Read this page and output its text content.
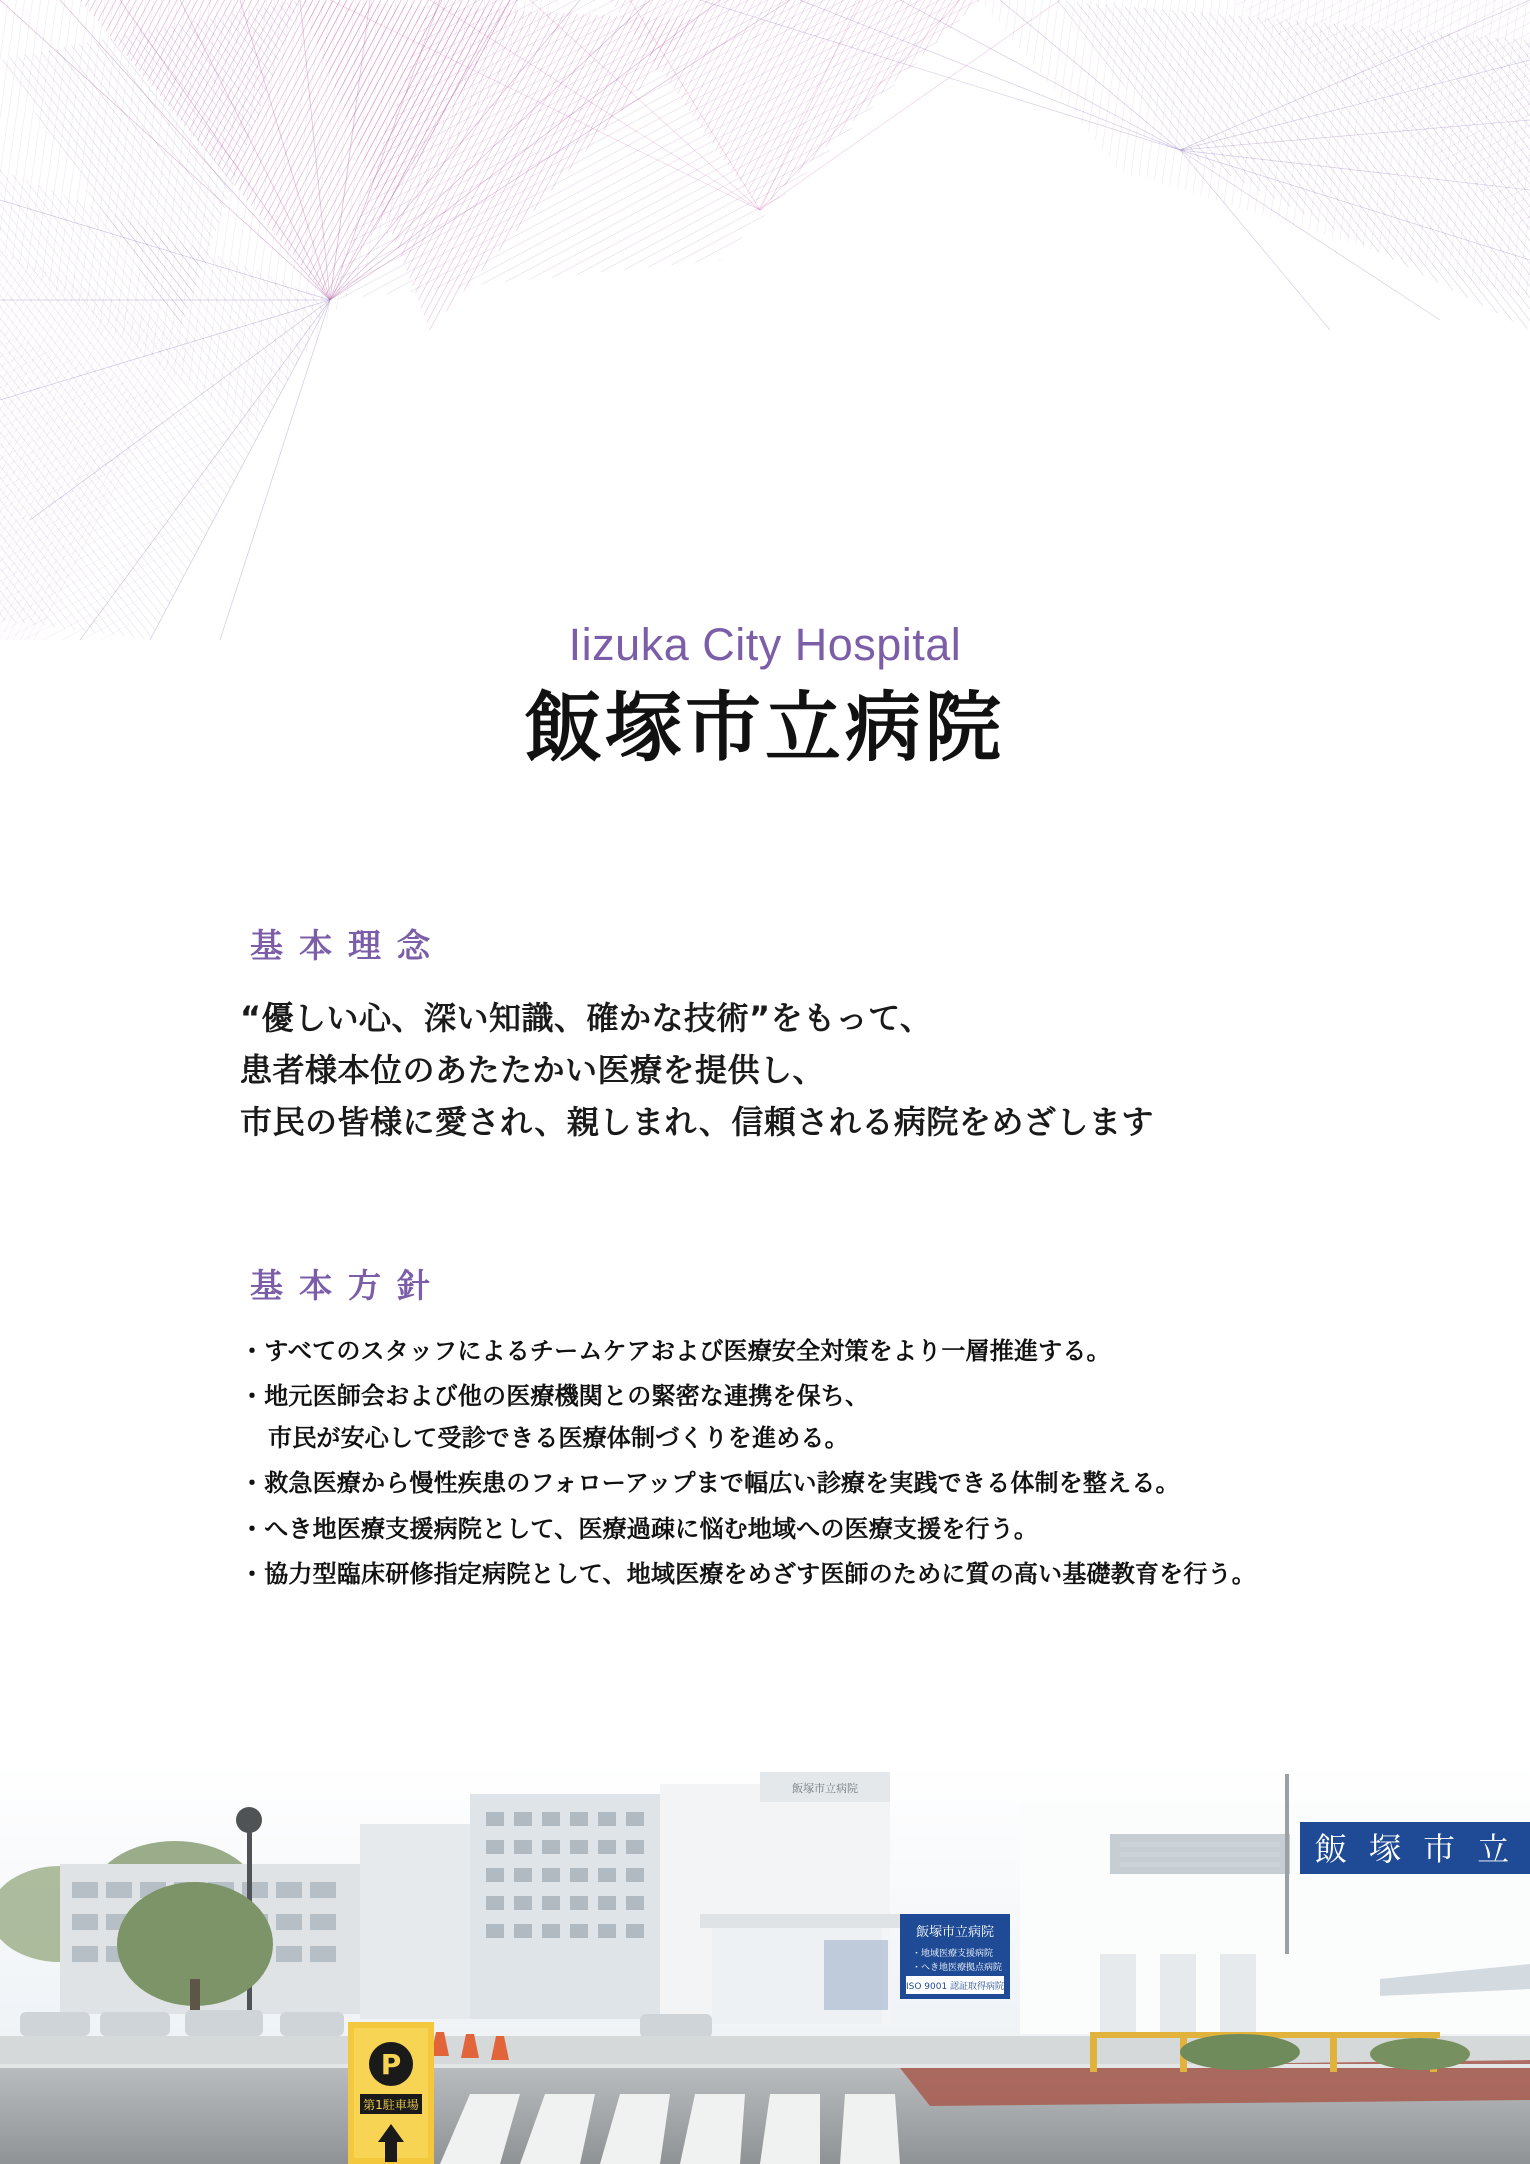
Iizuka City Hospital
飯塚市立病院
基本理念
“優しい心、深い知識、確かな技術”をもって、
患者様本位のあたたかい医療を提供し、
市民の皆様に愛され、親しまれ、信頼される病院をめざします
基本方針
・すべてのスタッフによるチームケアおよび医療安全対策をより一層推進する。
・地元医師会および他の医療機関との緊密な連携を保ち、
市民が安心して受診できる医療体制づくりを進める。
・救急医療から慢性疾患のフォローアップまで幅広い診療を実践できる体制を整える。
・へき地医療支援病院として、医療過疎に悩む地域への医療支援を行う。
・協力型臨床研修指定病院として、地域医療をめざす医師のために質の高い基礎教育を行う。
飯塚市立病院
飯塚市立病院
・地域医療支援病院
・へき地医療拠点病院
ISO 9001 認証取得病院
飯 塚 市 立
P
第1駐車場
